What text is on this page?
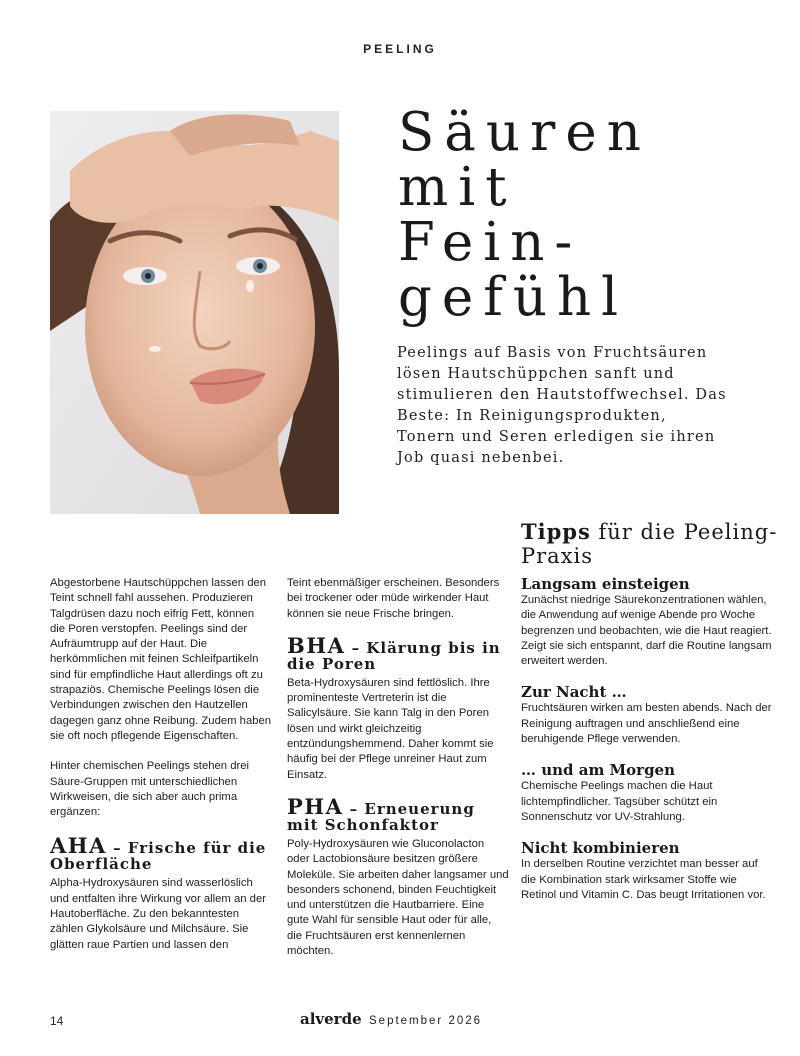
PEELING
Säuren
mit
Fein-
gefühl
Peelings auf Basis von Fruchtsäuren lösen Hautschüppchen sanft und stimulieren den Hautstoffwechsel. Das Beste: In Reinigungsprodukten, Tonern und Seren erledigen sie ihren Job quasi nebenbei.
Tipps für die Peeling-Praxis

Abgestorbene Hautschüppchen lassen den Teint schnell fahl aussehen. Produzieren Talgdrüsen dazu noch eifrig Fett, können die Poren verstopfen. Peelings sind der Aufräumtrupp auf der Haut. Die herkömmlichen mit feinen Schleifpartikeln sind für empfindliche Haut allerdings oft zu strapaziös. Chemische Peelings lösen die Verbindungen zwischen den Hautzellen dagegen ganz ohne Reibung. Zudem haben sie oft noch pflegende Eigenschaften.

Hinter chemischen Peelings stehen drei Säure-Gruppen mit unterschiedlichen Wirkweisen, die sich aber auch prima ergänzen:

AHA – Frische für die Oberfläche

Alpha-Hydroxysäuren sind wasserlöslich und entfalten ihre Wirkung vor allem an der Hautoberfläche. Zu den bekanntesten zählen Glykolsäure und Milchsäure. Sie glätten raue Partien und lassen den

Teint ebenmäßiger erscheinen. Besonders bei trockener oder müde wirkender Haut können sie neue Frische bringen.

BHA – Klärung bis in die Poren

Beta-Hydroxysäuren sind fettlöslich. Ihre prominenteste Vertreterin ist die Salicylsäure. Sie kann Talg in den Poren lösen und wirkt gleichzeitig entzündungshemmend. Daher kommt sie häufig bei der Pflege unreiner Haut zum Einsatz.

PHA – Erneuerung mit Schonfaktor

Poly-Hydroxysäuren wie Gluconolacton oder Lactobionsäure besitzen größere Moleküle. Sie arbeiten daher langsamer und besonders schonend, binden Feuchtigkeit und unterstützen die Hautbarriere. Eine gute Wahl für sensible Haut oder für alle, die Fruchtsäuren erst kennenlernen möchten.

Langsam einsteigen

Zunächst niedrige Säurekonzentrationen wählen, die Anwendung auf wenige Abende pro Woche begrenzen und beobachten, wie die Haut reagiert. Zeigt sie sich entspannt, darf die Routine langsam erweitert werden.

Zur Nacht …

Fruchtsäuren wirken am besten abends. Nach der Reinigung auftragen und anschließend eine beruhigende Pflege verwenden.

… und am Morgen

Chemische Peelings machen die Haut lichtempfindlicher. Tagsüber schützt ein Sonnenschutz vor UV-Strahlung.

Nicht kombinieren

In derselben Routine verzichtet man besser auf die Kombination stark wirksamer Stoffe wie Retinol und Vitamin C. Das beugt Irritationen vor.

14	alverde September 2026
